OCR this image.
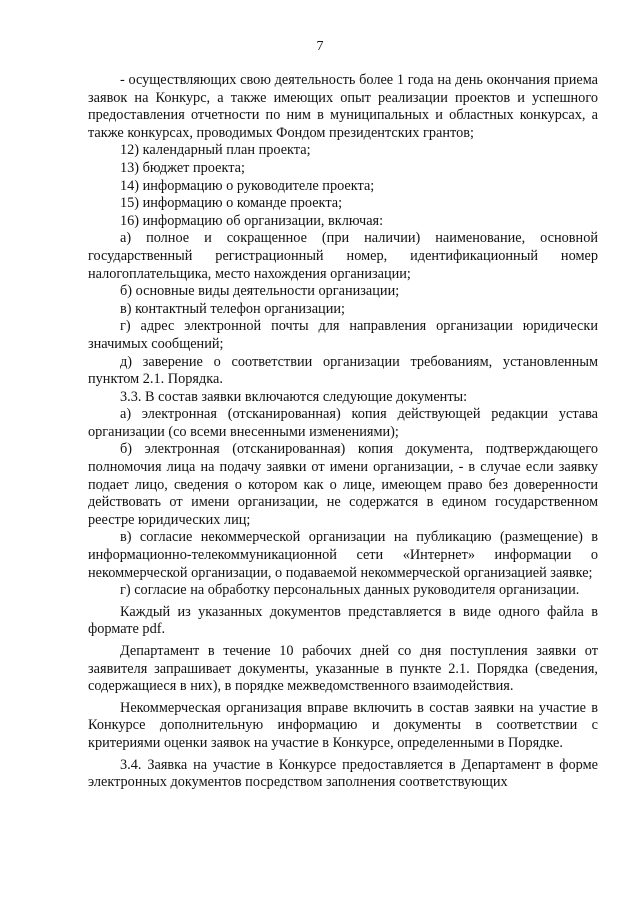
7

- осуществляющих свою деятельность более 1 года на день окончания приема заявок на Конкурс, а также имеющих опыт реализации проектов и успешного предоставления отчетности по ним в муниципальных и областных конкурсах, а также конкурсах, проводимых Фондом президентских грантов;

12) календарный план проекта;

13) бюджет проекта;

14) информацию о руководителе проекта;

15) информацию о команде проекта;

16) информацию об организации, включая:

а) полное и сокращенное (при наличии) наименование, основной государственный регистрационный номер, идентификационный номер налогоплательщика, место нахождения организации;

б) основные виды деятельности организации;

в) контактный телефон организации;

г) адрес электронной почты для направления организации юридически значимых сообщений;

д) заверение о соответствии организации требованиям, установленным пунктом 2.1. Порядка.

3.3. В состав заявки включаются следующие документы:

а) электронная (отсканированная) копия действующей редакции устава организации (со всеми внесенными изменениями);

б) электронная (отсканированная) копия документа, подтверждающего полномочия лица на подачу заявки от имени организации, - в случае если заявку подает лицо, сведения о котором как о лице, имеющем право без доверенности действовать от имени организации, не содержатся в едином государственном реестре юридических лиц;

в) согласие некоммерческой организации на публикацию (размещение) в информационно-телекоммуникационной сети «Интернет» информации о некоммерческой организации, о подаваемой некоммерческой организацией заявке;

г) согласие на обработку персональных данных руководителя организации.

Каждый из указанных документов представляется в виде одного файла в формате pdf.

Департамент в течение 10 рабочих дней со дня поступления заявки от заявителя запрашивает документы, указанные в пункте 2.1. Порядка (сведения, содержащиеся в них), в порядке межведомственного взаимодействия.

Некоммерческая организация вправе включить в состав заявки на участие в Конкурсе дополнительную информацию и документы в соответствии с критериями оценки заявок на участие в Конкурсе, определенными в Порядке.

3.4. Заявка на участие в Конкурсе предоставляется в Департамент в форме электронных документов посредством заполнения соответствующих
